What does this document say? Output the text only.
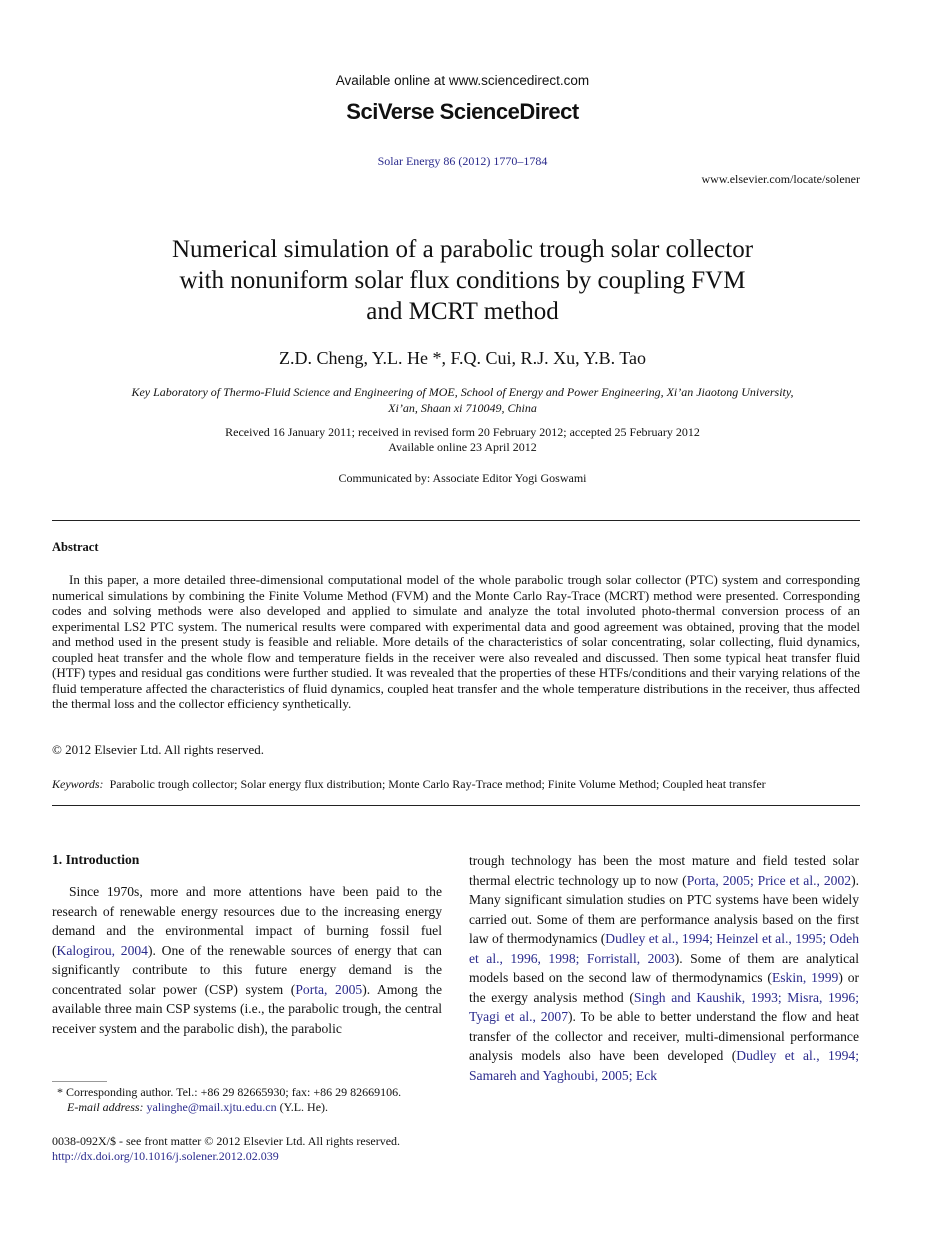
Available online at www.sciencedirect.com
SciVerse ScienceDirect
Solar Energy 86 (2012) 1770–1784
www.elsevier.com/locate/solener
Numerical simulation of a parabolic trough solar collector
with nonuniform solar flux conditions by coupling FVM
and MCRT method
Z.D. Cheng, Y.L. He *, F.Q. Cui, R.J. Xu, Y.B. Tao
Key Laboratory of Thermo-Fluid Science and Engineering of MOE, School of Energy and Power Engineering, Xi’an Jiaotong University,
Xi’an, Shaan xi 710049, China
Received 16 January 2011; received in revised form 20 February 2012; accepted 25 February 2012
Available online 23 April 2012
Communicated by: Associate Editor Yogi Goswami
Abstract
In this paper, a more detailed three-dimensional computational model of the whole parabolic trough solar collector (PTC) system and corresponding numerical simulations by combining the Finite Volume Method (FVM) and the Monte Carlo Ray-Trace (MCRT) method were presented. Corresponding codes and solving methods were also developed and applied to simulate and analyze the total involuted photo-thermal conversion process of an experimental LS2 PTC system. The numerical results were compared with experimental data and good agreement was obtained, proving that the model and method used in the present study is feasible and reliable. More details of the characteristics of solar concentrating, solar collecting, fluid dynamics, coupled heat transfer and the whole flow and temperature fields in the receiver were also revealed and discussed. Then some typical heat transfer fluid (HTF) types and residual gas conditions were further studied. It was revealed that the properties of these HTFs/conditions and their varying relations of the fluid temperature affected the characteristics of fluid dynamics, coupled heat transfer and the whole temperature distributions in the receiver, thus affected the thermal loss and the collector efficiency synthetically.
© 2012 Elsevier Ltd. All rights reserved.
Keywords: Parabolic trough collector; Solar energy flux distribution; Monte Carlo Ray-Trace method; Finite Volume Method; Coupled heat transfer
1. Introduction
Since 1970s, more and more attentions have been paid to the research of renewable energy resources due to the increasing energy demand and the environmental impact of burning fossil fuel (Kalogirou, 2004). One of the renewable sources of energy that can significantly contribute to this future energy demand is the concentrated solar power (CSP) system (Porta, 2005). Among the available three main CSP systems (i.e., the parabolic trough, the central receiver system and the parabolic dish), the parabolic
trough technology has been the most mature and field tested solar thermal electric technology up to now (Porta, 2005; Price et al., 2002). Many significant simulation studies on PTC systems have been widely carried out. Some of them are performance analysis based on the first law of thermodynamics (Dudley et al., 1994; Heinzel et al., 1995; Odeh et al., 1996, 1998; Forristall, 2003). Some of them are analytical models based on the second law of thermodynamics (Eskin, 1999) or the exergy analysis method (Singh and Kaushik, 1993; Misra, 1996; Tyagi et al., 2007). To be able to better understand the flow and heat transfer of the collector and receiver, multi-dimensional performance analysis models also have been developed (Dudley et al., 1994; Samareh and Yaghoubi, 2005; Eck
* Corresponding author. Tel.: +86 29 82665930; fax: +86 29 82669106.
E-mail address: yalinghe@mail.xjtu.edu.cn (Y.L. He).
0038-092X/$ - see front matter © 2012 Elsevier Ltd. All rights reserved.
http://dx.doi.org/10.1016/j.solener.2012.02.039
